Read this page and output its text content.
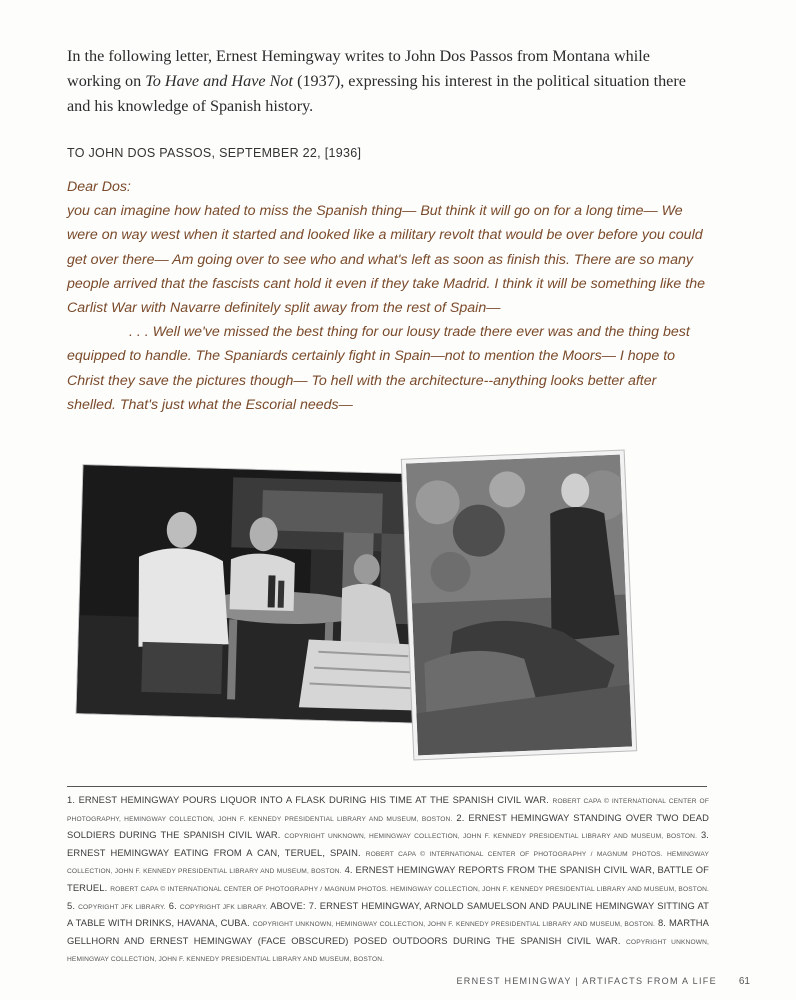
In the following letter, Ernest Hemingway writes to John Dos Passos from Montana while working on To Have and Have Not (1937), expressing his interest in the political situation there and his knowledge of Spanish history.

TO JOHN DOS PASSOS, SEPTEMBER 22, [1936]

Dear Dos:

you can imagine how hated to miss the Spanish thing— But think it will go on for a long time— We were on way west when it started and looked like a military revolt that would be over before you could get over there— Am going over to see who and what's left as soon as finish this. There are so many people arrived that the fascists cant hold it even if they take Madrid. I think it will be something like the Carlist War with Navarre definitely split away from the rest of Spain—

. . . Well we've missed the best thing for our lousy trade there ever was and the thing best equipped to handle. The Spaniards certainly fight in Spain—not to mention the Moors— I hope to Christ they save the pictures though— To hell with the architecture--anything looks better after shelled. That's just what the Escorial needs—

1. ERNEST HEMINGWAY POURS LIQUOR INTO A FLASK DURING HIS TIME AT THE SPANISH CIVIL WAR. ROBERT CAPA © INTERNATIONAL CENTER OF PHOTOGRAPHY, HEMINGWAY COLLECTION, JOHN F. KENNEDY PRESIDENTIAL LIBRARY AND MUSEUM, BOSTON. 2. ERNEST HEMINGWAY STANDING OVER TWO DEAD SOLDIERS DURING THE SPANISH CIVIL WAR. COPYRIGHT UNKNOWN, HEMINGWAY COLLECTION, JOHN F. KENNEDY PRESIDENTIAL LIBRARY AND MUSEUM, BOSTON. 3. ERNEST HEMINGWAY EATING FROM A CAN, TERUEL, SPAIN. ROBERT CAPA © INTERNATIONAL CENTER OF PHOTOGRAPHY / MAGNUM PHOTOS. HEMINGWAY COLLECTION, JOHN F. KENNEDY PRESIDENTIAL LIBRARY AND MUSEUM, BOSTON. 4. ERNEST HEMINGWAY REPORTS FROM THE SPANISH CIVIL WAR, BATTLE OF TERUEL. ROBERT CAPA © INTERNATIONAL CENTER OF PHOTOGRAPHY / MAGNUM PHOTOS. HEMINGWAY COLLECTION, JOHN F. KENNEDY PRESIDENTIAL LIBRARY AND MUSEUM, BOSTON. 5. COPYRIGHT JFK LIBRARY. 6. COPYRIGHT JFK LIBRARY. ABOVE: 7. ERNEST HEMINGWAY, ARNOLD SAMUELSON AND PAULINE HEMINGWAY SITTING AT A TABLE WITH DRINKS, HAVANA, CUBA. COPYRIGHT UNKNOWN, HEMINGWAY COLLECTION, JOHN F. KENNEDY PRESIDENTIAL LIBRARY AND MUSEUM, BOSTON. 8. MARTHA GELLHORN AND ERNEST HEMINGWAY (FACE OBSCURED) POSED OUTDOORS DURING THE SPANISH CIVIL WAR. COPYRIGHT UNKNOWN, HEMINGWAY COLLECTION, JOHN F. KENNEDY PRESIDENTIAL LIBRARY AND MUSEUM, BOSTON.
ERNEST HEMINGWAY | ARTIFACTS FROM A LIFE 61
